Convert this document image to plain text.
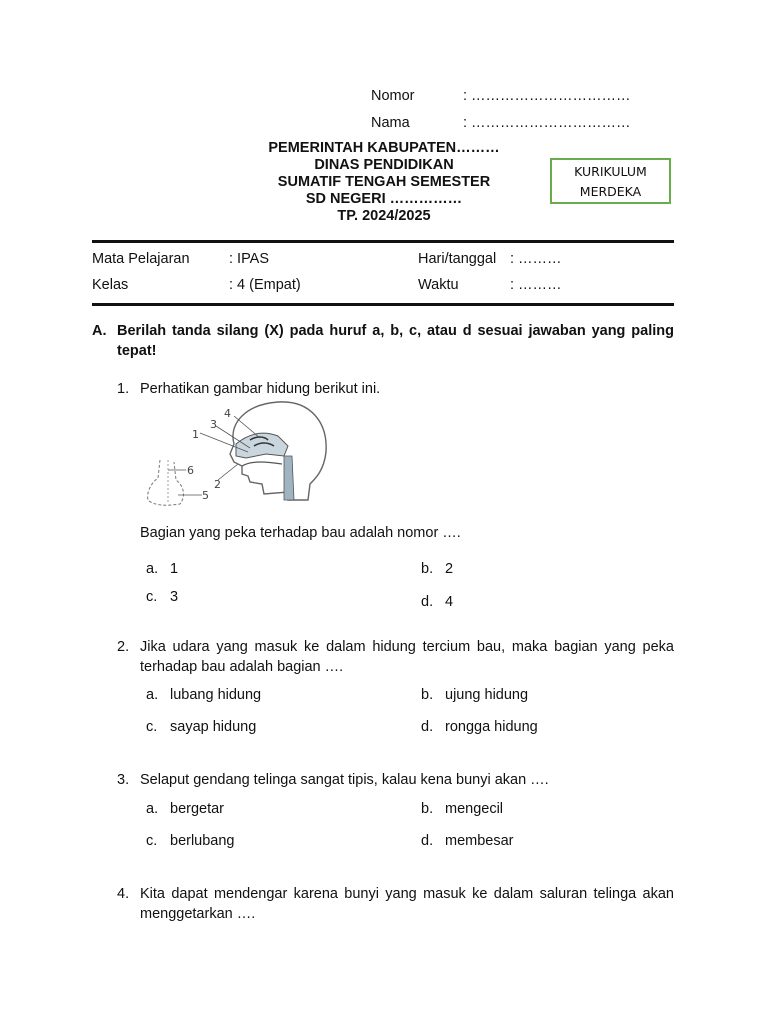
Nomor	: ……………………………
Nama	: ……………………………
PEMERINTAH KABUPATEN………
DINAS PENDIDIKAN
SUMATIF TENGAH SEMESTER
SD NEGERI ……………
TP. 2024/2025
KURIKULUM
MERDEKA
Mata Pelajaran	: IPAS	Hari/tanggal : ………
Kelas	: 4 (Empat)	Waktu	: ………
A. Berilah tanda silang (X) pada huruf a, b, c, atau d sesuai jawaban yang paling tepat!
1. Perhatikan gambar hidung berikut ini.
1
2
3
4
5
6
Bagian yang peka terhadap bau adalah nomor ….
a. 1	b. 2
c. 3	d. 4
2. Jika udara yang masuk ke dalam hidung tercium bau, maka bagian yang peka terhadap bau adalah bagian ….
a. lubang hidung	b. ujung hidung
c. sayap hidung	d. rongga hidung
3. Selaput gendang telinga sangat tipis, kalau kena bunyi akan ….
a. bergetar	b. mengecil
c. berlubang	d. membesar
4. Kita dapat mendengar karena bunyi yang masuk ke dalam saluran telinga akan menggetarkan ….
